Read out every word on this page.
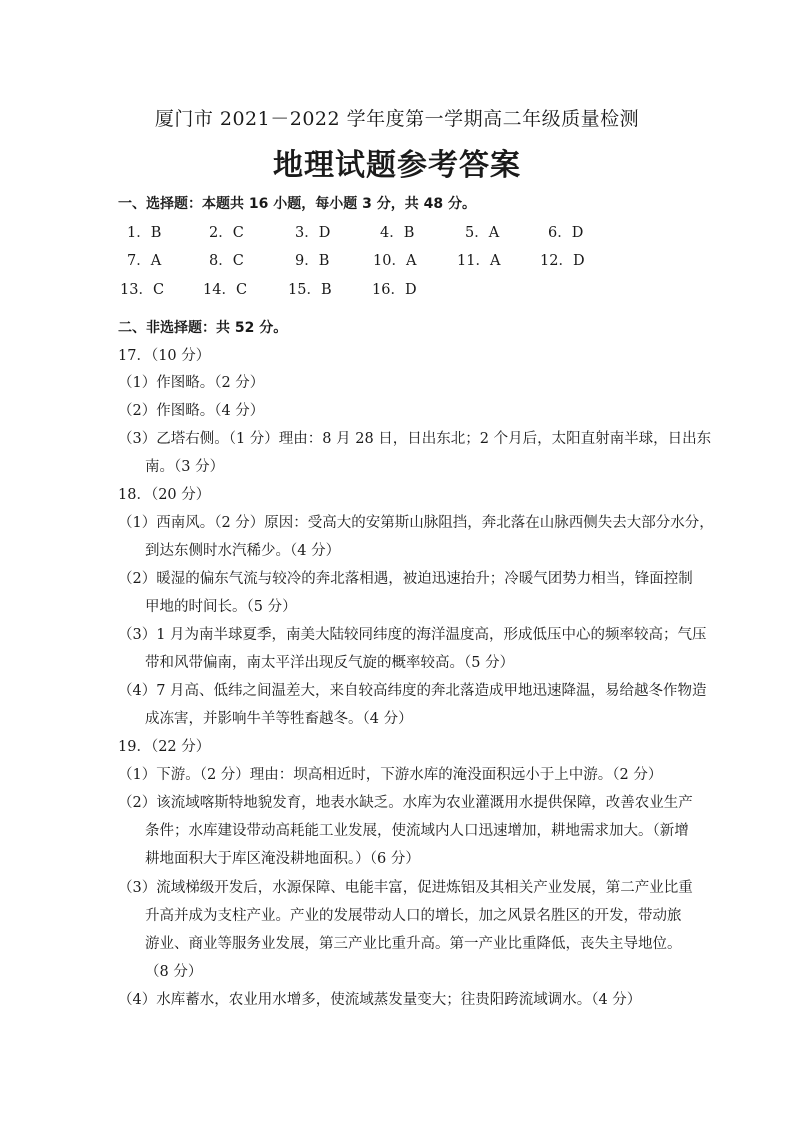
厦门市 2021－2022 学年度第一学期高二年级质量检测
地理试题参考答案
一、选择题：本题共 16 小题，每小题 3 分，共 48 分。
1．B	2．C	3．D	4．B	5．A	6．D
7．A	8．C	9．B	10．A	11．A	12．D
13．C	14．C	15．B	16．D
二、非选择题：共 52 分。
17．（10 分）
（1）作图略。（2 分）
（2）作图略。（4 分）
（3）乙塔右侧。（1 分）理由：8 月 28 日，日出东北；2 个月后，太阳直射南半球，日出东
南。（3 分）
18．（20 分）
（1）西南风。（2 分）原因：受高大的安第斯山脉阻挡，奔北落在山脉西侧失去大部分水分，
到达东侧时水汽稀少。（4 分）
（2）暖湿的偏东气流与较冷的奔北落相遇，被迫迅速抬升；冷暖气团势力相当，锋面控制
甲地的时间长。（5 分）
（3）1 月为南半球夏季，南美大陆较同纬度的海洋温度高，形成低压中心的频率较高；气压
带和风带偏南，南太平洋出现反气旋的概率较高。（5 分）
（4）7 月高、低纬之间温差大，来自较高纬度的奔北落造成甲地迅速降温，易给越冬作物造
成冻害，并影响牛羊等牲畜越冬。（4 分）
19．（22 分）
（1）下游。（2 分）理由：坝高相近时，下游水库的淹没面积远小于上中游。（2 分）
（2）该流域喀斯特地貌发育，地表水缺乏。水库为农业灌溉用水提供保障，改善农业生产
条件；水库建设带动高耗能工业发展，使流域内人口迅速增加，耕地需求加大。（新增
耕地面积大于库区淹没耕地面积。）（6 分）
（3）流域梯级开发后，水源保障、电能丰富，促进炼铝及其相关产业发展，第二产业比重
升高并成为支柱产业。产业的发展带动人口的增长，加之风景名胜区的开发，带动旅
游业、商业等服务业发展，第三产业比重升高。第一产业比重降低，丧失主导地位。
（8 分）
（4）水库蓄水，农业用水增多，使流域蒸发量变大；往贵阳跨流域调水。（4 分）
